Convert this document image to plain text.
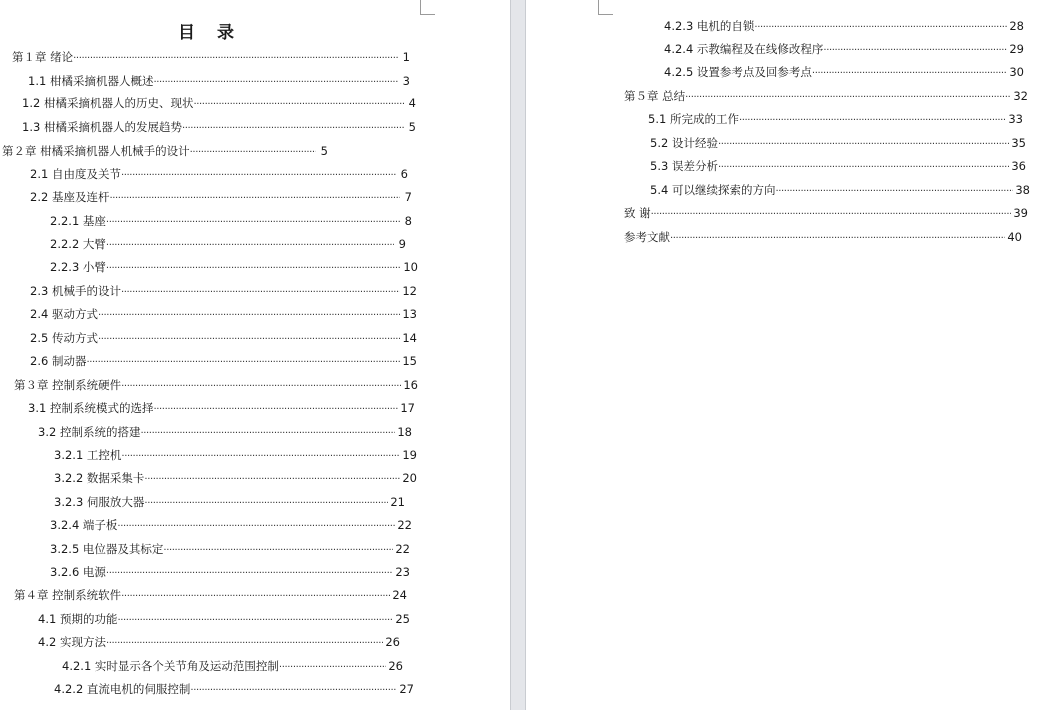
目 录
第１章 绪论 ·····	1
1.1 柑橘采摘机器人概述 ·····	3
1.2 柑橘采摘机器人的历史、现状 ·····	4
1.3 柑橘采摘机器人的发展趋势 ·····	5
第２章 柑橘采摘机器人机械手的设计 ·····	5
2.1 自由度及关节 ·····	6
2.2 基座及连杆 ·····	7
2.2.1 基座 ·····	8
2.2.2 大臂 ·····	9
2.2.3 小臂 ·····	10
2.3 机械手的设计 ·····	12
2.4 驱动方式 ·····	13
2.5 传动方式 ·····	14
2.6 制动器 ·····	15
第３章 控制系统硬件 ·····	16
3.1 控制系统模式的选择 ·····	17
3.2 控制系统的搭建 ·····	18
3.2.1 工控机 ·····	19
3.2.2 数据采集卡 ·····	20
3.2.3 伺服放大器 ·····	21
3.2.4 端子板 ·····	22
3.2.5 电位器及其标定 ·····	22
3.2.6 电源 ·····	23
第４章 控制系统软件 ·····	24
4.1 预期的功能 ·····	25
4.2 实现方法 ·····	26
4.2.1 实时显示各个关节角及运动范围控制 ·····	26
4.2.2 直流电机的伺服控制 ·····	27
4.2.3 电机的自锁 ·····	28
4.2.4 示教编程及在线修改程序 ·····	29
4.2.5 设置参考点及回参考点 ·····	30
第５章 总结 ·····	32
5.1 所完成的工作 ·····	33
5.2 设计经验 ·····	35
5.3 误差分析 ·····	36
5.4 可以继续探索的方向 ·····	38
致 谢 ·····	39
参考文献 ·····	40
